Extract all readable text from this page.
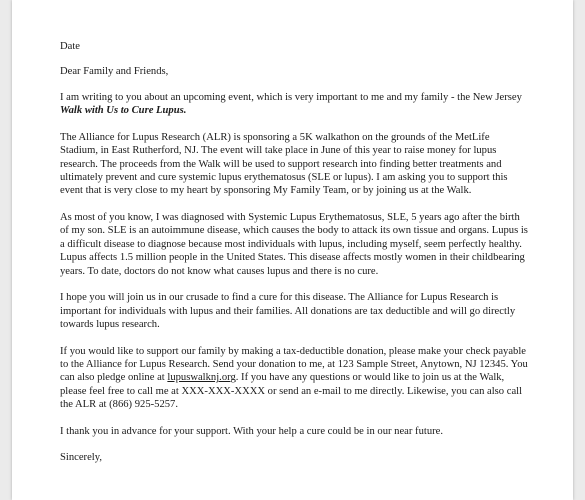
Date

Dear Family and Friends,

I am writing to you about an upcoming event, which is very important to me and my family - the New Jersey Walk with Us to Cure Lupus.

The Alliance for Lupus Research (ALR) is sponsoring a 5K walkathon on the grounds of the MetLife Stadium, in East Rutherford, NJ. The event will take place in June of this year to raise money for lupus research. The proceeds from the Walk will be used to support research into finding better treatments and ultimately prevent and cure systemic lupus erythematosus (SLE or lupus). I am asking you to support this event that is very close to my heart by sponsoring My Family Team, or by joining us at the Walk.

As most of you know, I was diagnosed with Systemic Lupus Erythematosus, SLE, 5 years ago after the birth of my son. SLE is an autoimmune disease, which causes the body to attack its own tissue and organs. Lupus is a difficult disease to diagnose because most individuals with lupus, including myself, seem perfectly healthy. Lupus affects 1.5 million people in the United States. This disease affects mostly women in their childbearing years. To date, doctors do not know what causes lupus and there is no cure.

I hope you will join us in our crusade to find a cure for this disease. The Alliance for Lupus Research is important for individuals with lupus and their families. All donations are tax deductible and will go directly towards lupus research.

If you would like to support our family by making a tax-deductible donation, please make your check payable to the Alliance for Lupus Research. Send your donation to me, at 123 Sample Street, Anytown, NJ 12345. You can also pledge online at lupuswalknj.org. If you have any questions or would like to join us at the Walk, please feel free to call me at XXX-XXX-XXXX or send an e-mail to me directly. Likewise, you can also call the ALR at (866) 925-5257.

I thank you in advance for your support. With your help a cure could be in our near future.

Sincerely,
